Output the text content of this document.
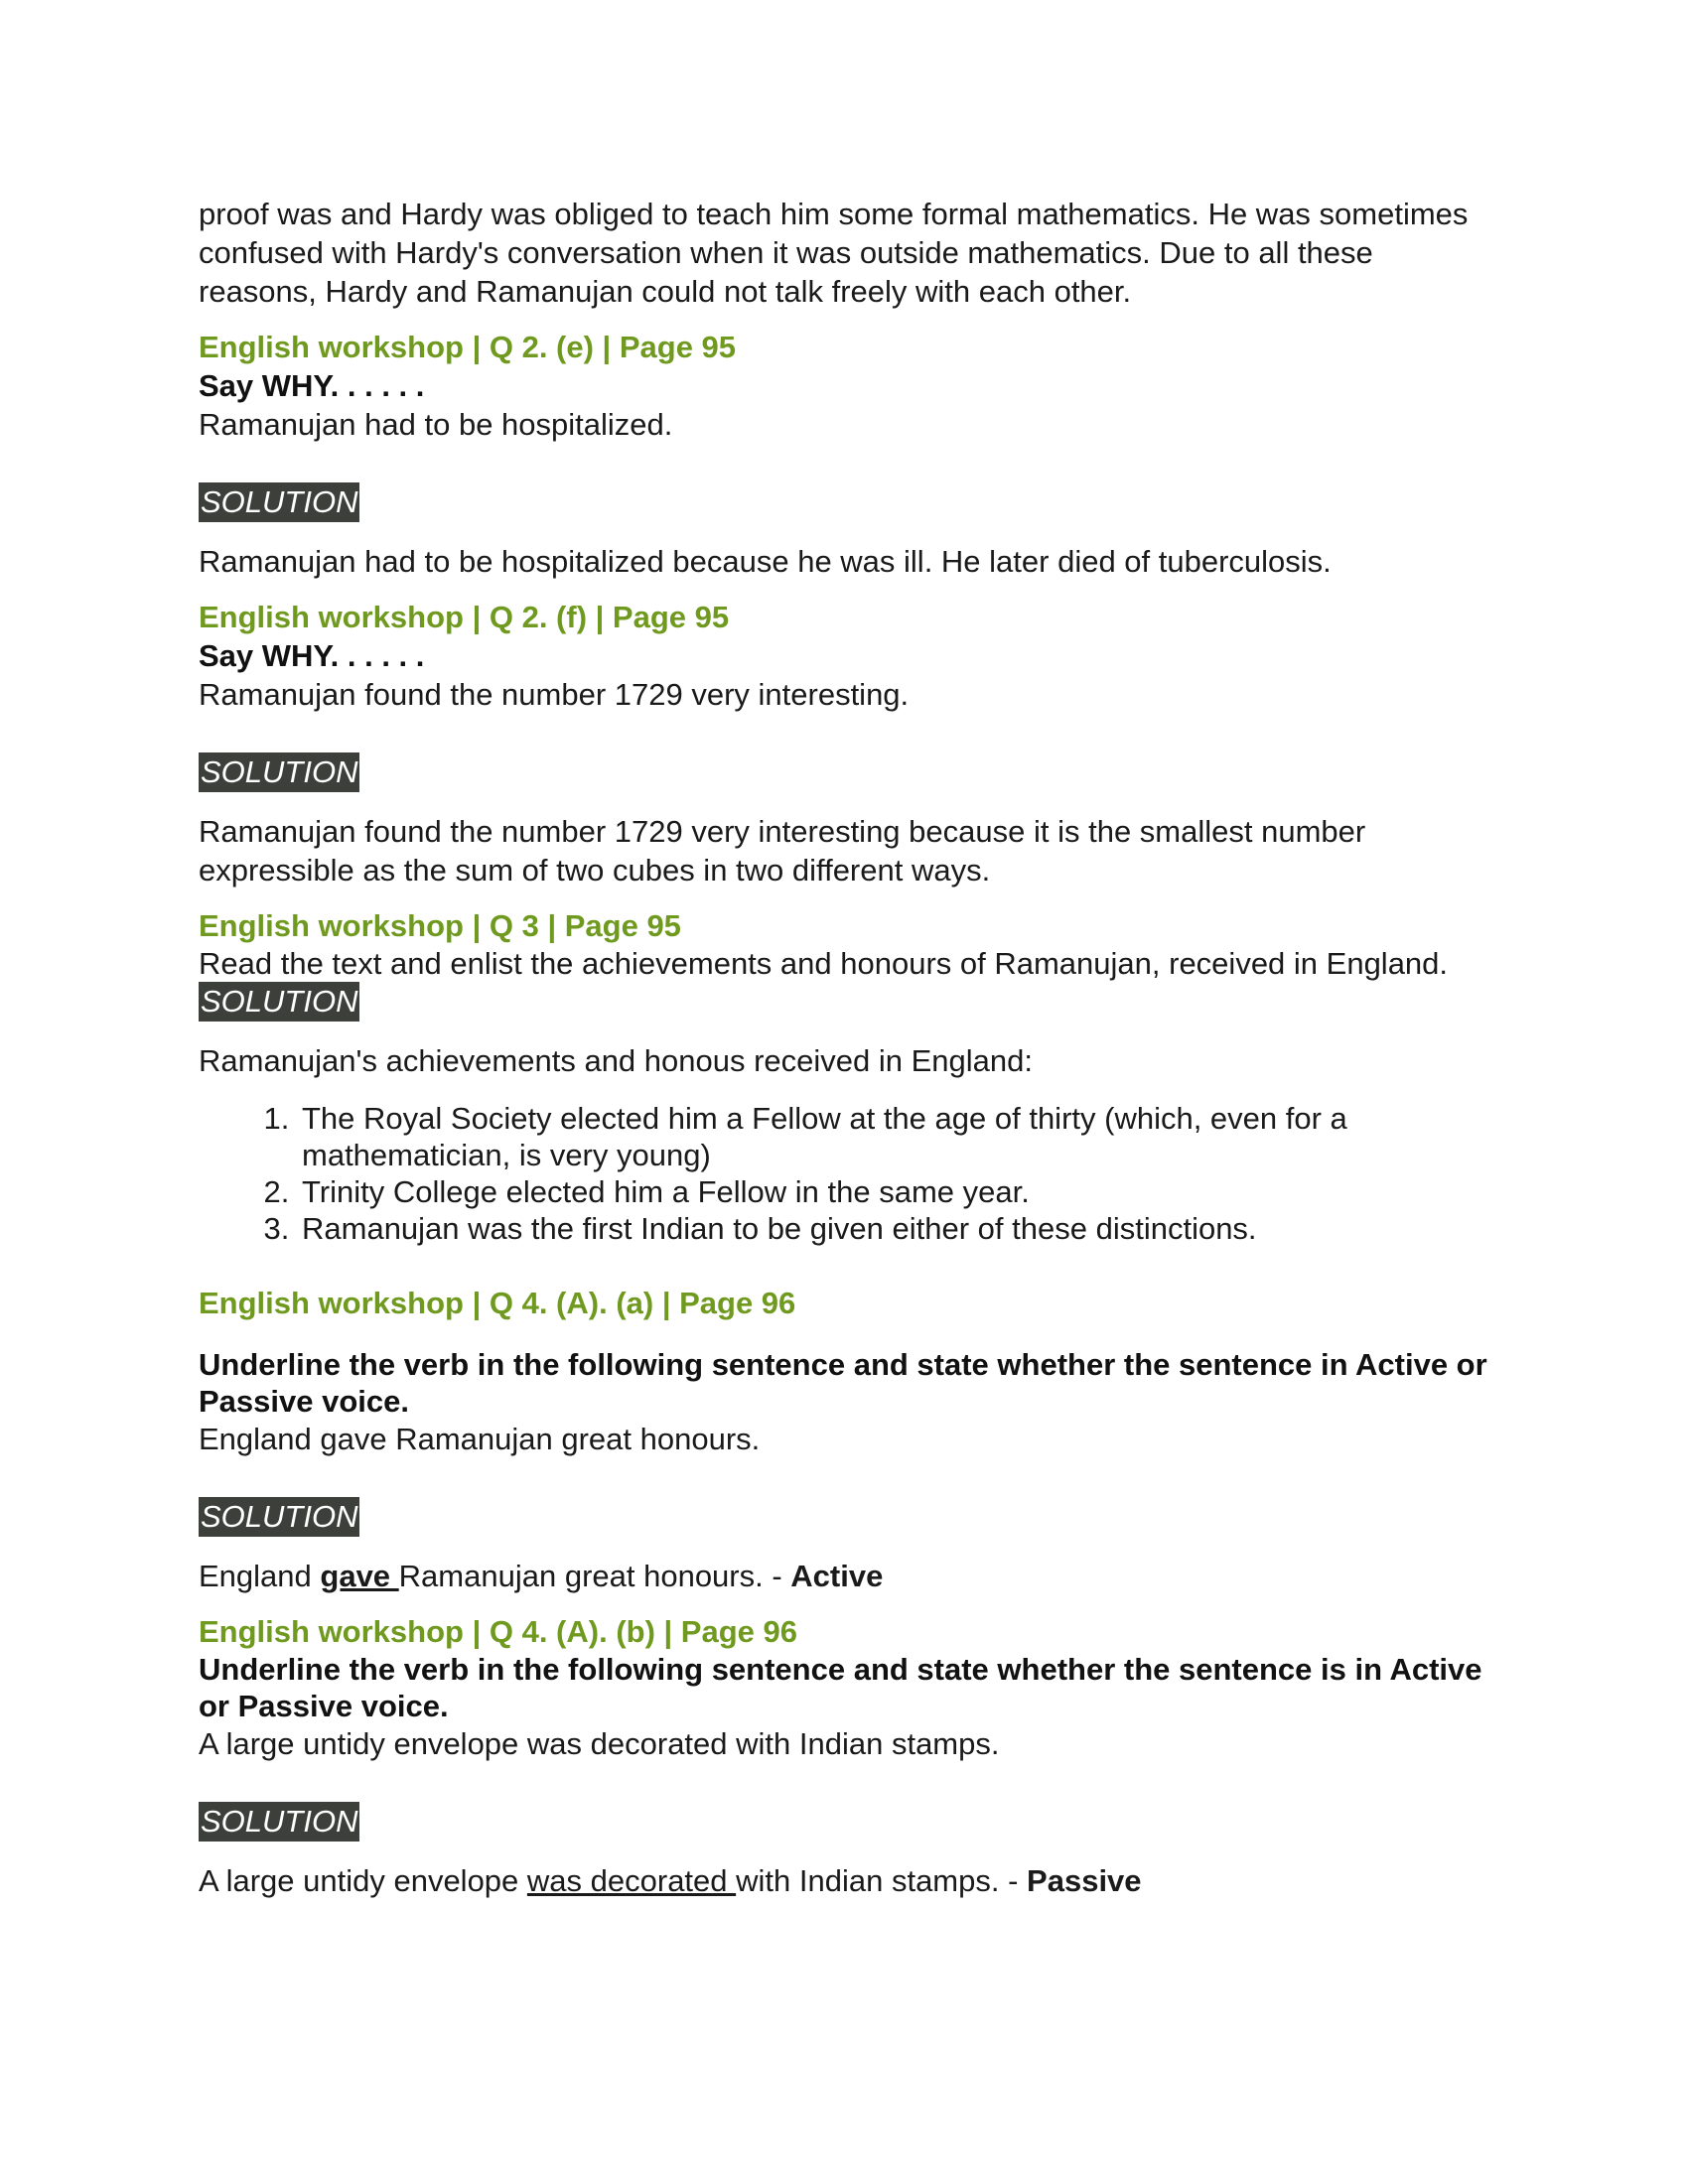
proof was and Hardy was obliged to teach him some formal mathematics. He was sometimes confused with Hardy's conversation when it was outside mathematics. Due to all these reasons, Hardy and Ramanujan could not talk freely with each other.

English workshop | Q 2. (e) | Page 95

Say WHY. . . . . .

Ramanujan had to be hospitalized.

SOLUTION

Ramanujan had to be hospitalized because he was ill. He later died of tuberculosis.

English workshop | Q 2. (f) | Page 95

Say WHY. . . . . .

Ramanujan found the number 1729 very interesting.

SOLUTION

Ramanujan found the number 1729 very interesting because it is the smallest number expressible as the sum of two cubes in two different ways.

English workshop | Q 3 | Page 95

Read the text and enlist the achievements and honours of Ramanujan, received in England.

SOLUTION

Ramanujan's achievements and honous received in England:

1. The Royal Society elected him a Fellow at the age of thirty (which, even for a mathematician, is very young)
2. Trinity College elected him a Fellow in the same year.
3. Ramanujan was the first Indian to be given either of these distinctions.

English workshop | Q 4. (A). (a) | Page 96

Underline the verb in the following sentence and state whether the sentence in Active or Passive voice.

England gave Ramanujan great honours.

SOLUTION

England gave Ramanujan great honours. - Active

English workshop | Q 4. (A). (b) | Page 96

Underline the verb in the following sentence and state whether the sentence is in Active or Passive voice.

A large untidy envelope was decorated with Indian stamps.

SOLUTION

A large untidy envelope was decorated with Indian stamps. - Passive
